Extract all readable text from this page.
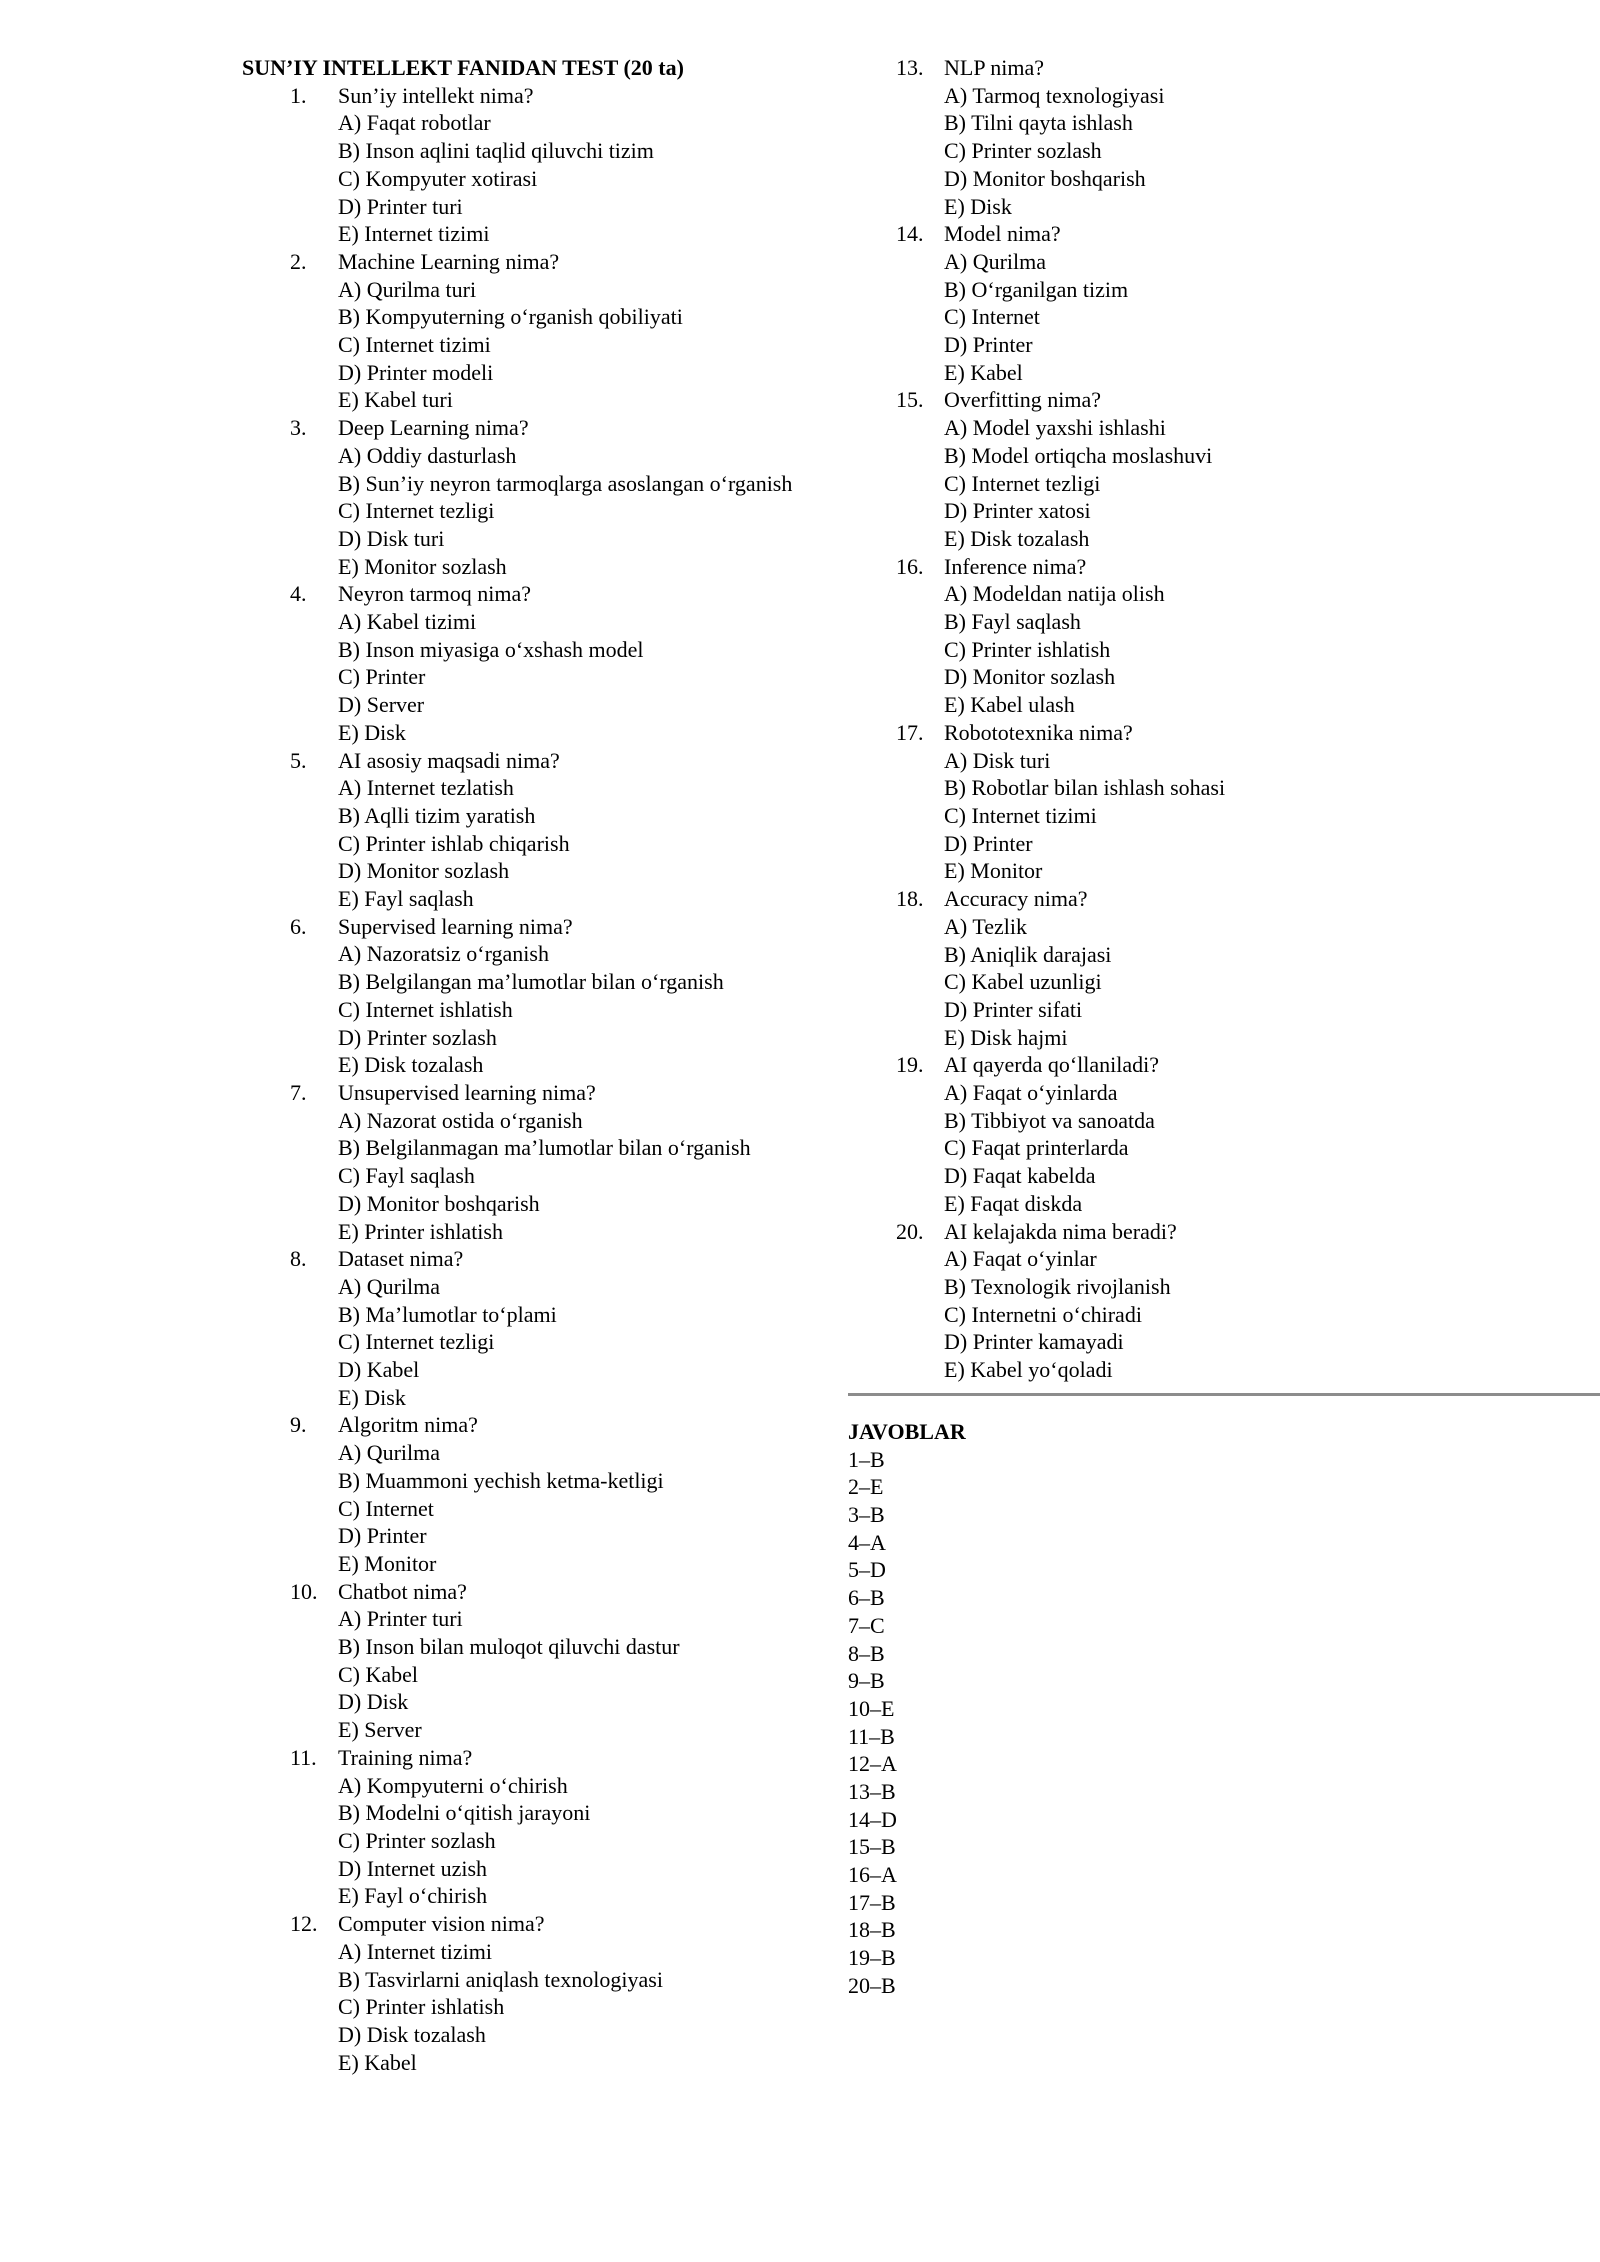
SUN’IY INTELLEKT FANIDAN TEST (20 ta)
1. Sun’iy intellekt nima?
A) Faqat robotlar
B) Inson aqlini taqlid qiluvchi tizim
C) Kompyuter xotirasi
D) Printer turi
E) Internet tizimi
2. Machine Learning nima?
A) Qurilma turi
B) Kompyuterning o‘rganish qobiliyati
C) Internet tizimi
D) Printer modeli
E) Kabel turi
3. Deep Learning nima?
A) Oddiy dasturlash
B) Sun’iy neyron tarmoqlarga asoslangan o‘rganish
C) Internet tezligi
D) Disk turi
E) Monitor sozlash
4. Neyron tarmoq nima?
A) Kabel tizimi
B) Inson miyasiga o‘xshash model
C) Printer
D) Server
E) Disk
5. AI asosiy maqsadi nima?
A) Internet tezlatish
B) Aqlli tizim yaratish
C) Printer ishlab chiqarish
D) Monitor sozlash
E) Fayl saqlash
6. Supervised learning nima?
A) Nazoratsiz o‘rganish
B) Belgilangan ma’lumotlar bilan o‘rganish
C) Internet ishlatish
D) Printer sozlash
E) Disk tozalash
7. Unsupervised learning nima?
A) Nazorat ostida o‘rganish
B) Belgilanmagan ma’lumotlar bilan o‘rganish
C) Fayl saqlash
D) Monitor boshqarish
E) Printer ishlatish
8. Dataset nima?
A) Qurilma
B) Ma’lumotlar to‘plami
C) Internet tezligi
D) Kabel
E) Disk
9. Algoritm nima?
A) Qurilma
B) Muammoni yechish ketma-ketligi
C) Internet
D) Printer
E) Monitor
10. Chatbot nima?
A) Printer turi
B) Inson bilan muloqot qiluvchi dastur
C) Kabel
D) Disk
E) Server
11. Training nima?
A) Kompyuterni o‘chirish
B) Modelni o‘qitish jarayoni
C) Printer sozlash
D) Internet uzish
E) Fayl o‘chirish
12. Computer vision nima?
A) Internet tizimi
B) Tasvirlarni aniqlash texnologiyasi
C) Printer ishlatish
D) Disk tozalash
E) Kabel
13. NLP nima?
A) Tarmoq texnologiyasi
B) Tilni qayta ishlash
C) Printer sozlash
D) Monitor boshqarish
E) Disk
14. Model nima?
A) Qurilma
B) O‘rganilgan tizim
C) Internet
D) Printer
E) Kabel
15. Overfitting nima?
A) Model yaxshi ishlashi
B) Model ortiqcha moslashuvi
C) Internet tezligi
D) Printer xatosi
E) Disk tozalash
16. Inference nima?
A) Modeldan natija olish
B) Fayl saqlash
C) Printer ishlatish
D) Monitor sozlash
E) Kabel ulash
17. Robototexnika nima?
A) Disk turi
B) Robotlar bilan ishlash sohasi
C) Internet tizimi
D) Printer
E) Monitor
18. Accuracy nima?
A) Tezlik
B) Aniqlik darajasi
C) Kabel uzunligi
D) Printer sifati
E) Disk hajmi
19. AI qayerda qo‘llaniladi?
A) Faqat o‘yinlarda
B) Tibbiyot va sanoatda
C) Faqat printerlarda
D) Faqat kabelda
E) Faqat diskda
20. AI kelajakda nima beradi?
A) Faqat o‘yinlar
B) Texnologik rivojlanish
C) Internetni o‘chiradi
D) Printer kamayadi
E) Kabel yo‘qoladi
JAVOBLAR
1–B
2–E
3–B
4–A
5–D
6–B
7–C
8–B
9–B
10–E
11–B
12–A
13–B
14–D
15–B
16–A
17–B
18–B
19–B
20–B
